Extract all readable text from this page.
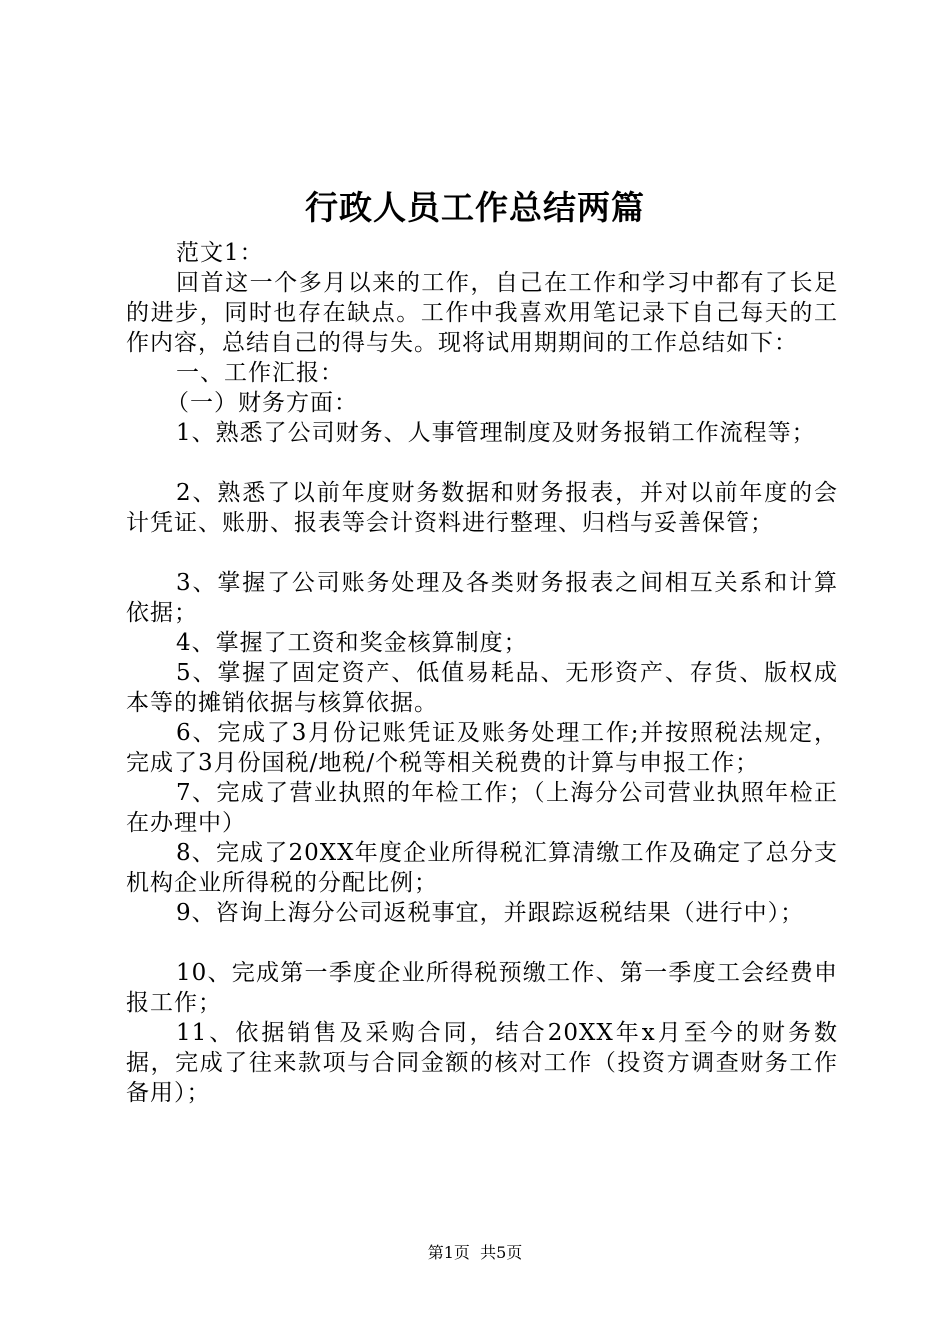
行政人员工作总结两篇

范文1：

回首这一个多月以来的工作，自己在工作和学习中都有了长足的进步，同时也存在缺点。工作中我喜欢用笔记录下自己每天的工作内容，总结自己的得与失。现将试用期期间的工作总结如下：

一、工作汇报：

（一）财务方面：

1、熟悉了公司财务、人事管理制度及财务报销工作流程等；

2、熟悉了以前年度财务数据和财务报表，并对以前年度的会计凭证、账册、报表等会计资料进行整理、归档与妥善保管；

3、掌握了公司账务处理及各类财务报表之间相互关系和计算依据；

4、掌握了工资和奖金核算制度；

5、掌握了固定资产、低值易耗品、无形资产、存货、版权成本等的摊销依据与核算依据。

6、完成了3月份记账凭证及账务处理工作;并按照税法规定，完成了3月份国税/地税/个税等相关税费的计算与申报工作；

7、完成了营业执照的年检工作；（上海分公司营业执照年检正在办理中）

8、完成了20XX年度企业所得税汇算清缴工作及确定了总分支机构企业所得税的分配比例；

9、咨询上海分公司返税事宜，并跟踪返税结果（进行中）；

10、完成第一季度企业所得税预缴工作、第一季度工会经费申报工作；

11、依据销售及采购合同，结合20XX年x月至今的财务数据，完成了往来款项与合同金额的核对工作（投资方调查财务工作备用）；

第1页 共5页
